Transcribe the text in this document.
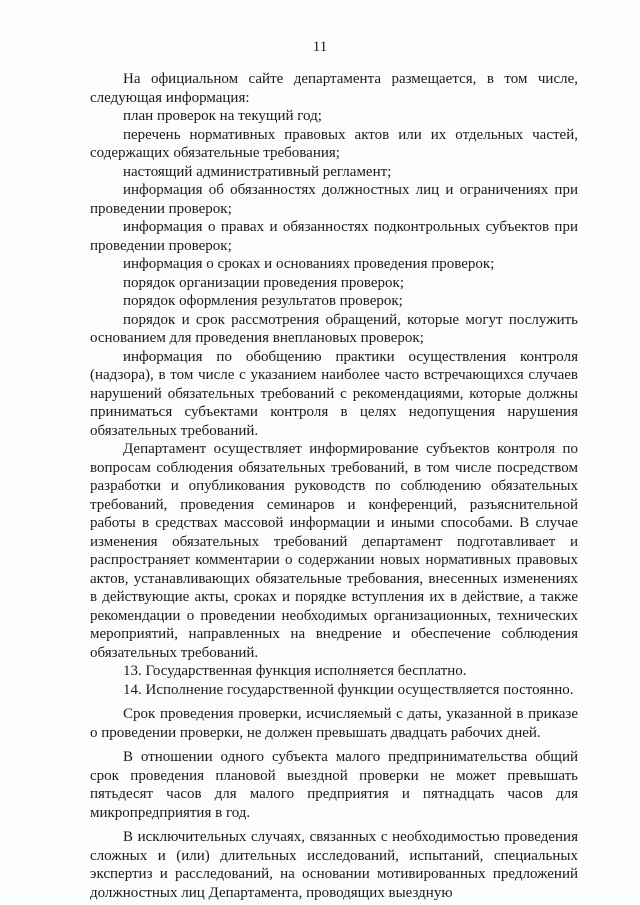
11

На официальном сайте департамента размещается, в том числе, следующая информация:

план проверок на текущий год;

перечень нормативных правовых актов или их отдельных частей, содержащих обязательные требования;

настоящий административный регламент;

информация об обязанностях должностных лиц и ограничениях при проведении проверок;

информация о правах и обязанностях подконтрольных субъектов при проведении проверок;

информация о сроках и основаниях проведения проверок;

порядок организации проведения проверок;

порядок оформления результатов проверок;

порядок и срок рассмотрения обращений, которые могут послужить основанием для проведения внеплановых проверок;

информация по обобщению практики осуществления контроля (надзора), в том числе с указанием наиболее часто встречающихся случаев нарушений обязательных требований с рекомендациями, которые должны приниматься субъектами контроля в целях недопущения нарушения обязательных требований.

Департамент осуществляет информирование субъектов контроля по вопросам соблюдения обязательных требований, в том числе посредством разработки и опубликования руководств по соблюдению обязательных требований, проведения семинаров и конференций, разъяснительной работы в средствах массовой информации и иными способами. В случае изменения обязательных требований департамент подготавливает и распространяет комментарии о содержании новых нормативных правовых актов, устанавливающих обязательные требования, внесенных изменениях в действующие акты, сроках и порядке вступления их в действие, а также рекомендации о проведении необходимых организационных, технических мероприятий, направленных на внедрение и обеспечение соблюдения обязательных требований.

13. Государственная функция исполняется бесплатно.

14. Исполнение государственной функции осуществляется постоянно.

Срок проведения проверки, исчисляемый с даты, указанной в приказе о проведении проверки, не должен превышать двадцать рабочих дней.

В отношении одного субъекта малого предпринимательства общий срок проведения плановой выездной проверки не может превышать пятьдесят часов для малого предприятия и пятнадцать часов для микропредприятия в год.

В исключительных случаях, связанных с необходимостью проведения сложных и (или) длительных исследований, испытаний, специальных экспертиз и расследований, на основании мотивированных предложений должностных лиц Департамента, проводящих выездную
